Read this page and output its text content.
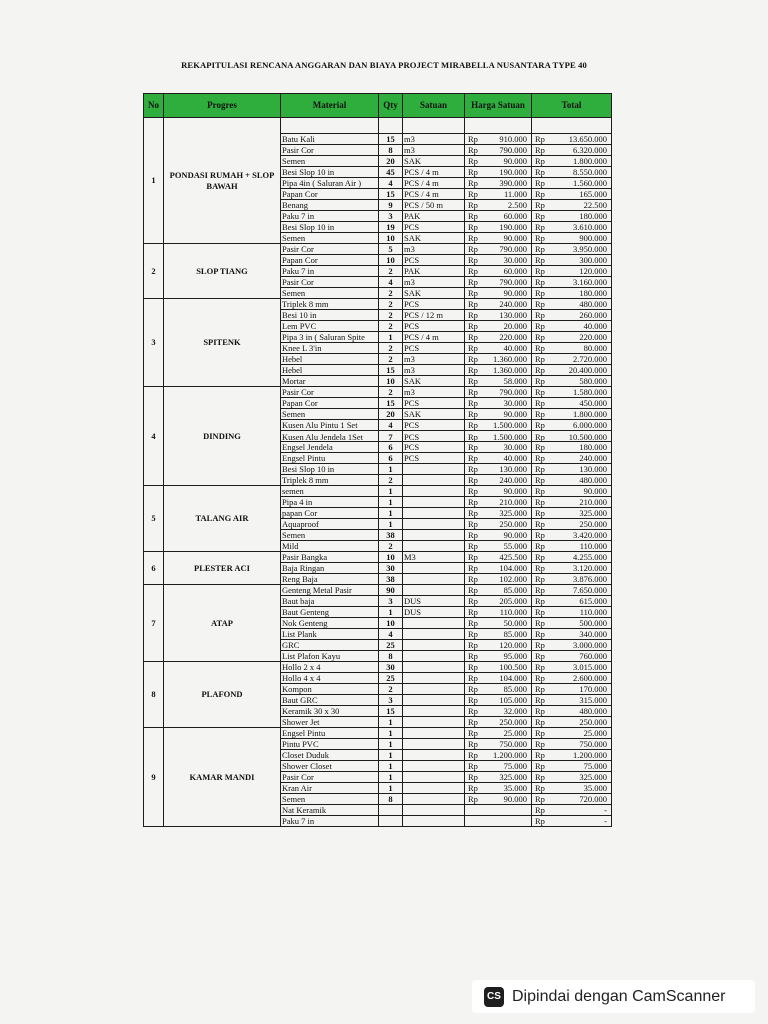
REKAPITULASI RENCANA ANGGARAN DAN BIAYA PROJECT MIRABELLA NUSANTARA TYPE 40
No	Progres	Material	Qty	Satuan	Harga Satuan	Total
1	PONDASI RUMAH + SLOP BAWAH					
		Batu Kali	15	m3	Rp 910.000	Rp 13.650.000

		Pasir Cor	8	m3	Rp 790.000	Rp 6.320.000

		Semen	20	SAK	Rp 90.000	Rp 1.800.000

		Besi Slop 10 in	45	PCS / 4 m	Rp 190.000	Rp 8.550.000

		Pipa 4in ( Saluran Air )	4	PCS / 4 m	Rp 390.000	Rp 1.560.000

		Papan Cor	15	PCS / 4 m	Rp 11.000	Rp 165.000

		Benang	9	PCS / 50 m	Rp 2.500	Rp 22.500

		Paku 7 in	3	PAK	Rp 60.000	Rp 180.000

		Besi Slop 10 in	19	PCS	Rp 190.000	Rp 3.610.000

		Semen	10	SAK	Rp 90.000	Rp 900.000

2	SLOP TIANG	Pasir Cor	5	m3	Rp 790.000	Rp 3.950.000

		Papan Cor	10	PCS	Rp 30.000	Rp 300.000

		Paku 7 in	2	PAK	Rp 60.000	Rp 120.000

		Pasir Cor	4	m3	Rp 790.000	Rp 3.160.000

		Semen	2	SAK	Rp 90.000	Rp 180.000

3	SPITENK	Triplek 8 mm	2	PCS	Rp 240.000	Rp 480.000

		Besi 10 in	2	PCS / 12 m	Rp 130.000	Rp 260.000

		Lem PVC	2	PCS	Rp 20.000	Rp 40.000

		Pipa 3 in ( Saluran Spite	1	PCS / 4 m	Rp 220.000	Rp 220.000

		Knee L 3'in	2	PCS	Rp 40.000	Rp 80.000

		Hebel	2	m3	Rp 1.360.000	Rp 2.720.000

		Hebel	15	m3	Rp 1.360.000	Rp 20.400.000

		Mortar	10	SAK	Rp 58.000	Rp 580.000

4	DINDING	Pasir Cor	2	m3	Rp 790.000	Rp 1.580.000

		Papan Cor	15	PCS	Rp 30.000	Rp 450.000

		Semen	20	SAK	Rp 90.000	Rp 1.800.000

		Kusen Alu Pintu 1 Set	4	PCS	Rp 1.500.000	Rp 6.000.000

		Kusen Alu Jendela 1Set	7	PCS	Rp 1.500.000	Rp 10.500.000

		Engsel Jendela	6	PCS	Rp 30.000	Rp 180.000

		Engsel Pintu	6	PCS	Rp 40.000	Rp 240.000

		Besi Slop 10 in	1		Rp 130.000	Rp 130.000

		Triplek 8 mm	2		Rp 240.000	Rp 480.000

5	TALANG AIR	semen	1		Rp 90.000	Rp 90.000

		Pipa 4 in	1		Rp 210.000	Rp 210.000

		papan Cor	1		Rp 325.000	Rp 325.000

		Aquaproof	1		Rp 250.000	Rp 250.000

		Semen	38		Rp 90.000	Rp 3.420.000

		Mild	2		Rp 55.000	Rp 110.000

6	PLESTER ACI	Pasir Bangka	10	M3	Rp 425.500	Rp 4.255.000

		Baja Ringan	30		Rp 104.000	Rp 3.120.000

		Reng Baja	38		Rp 102.000	Rp 3.876.000

7	ATAP	Genteng Metal Pasir	90		Rp 85.000	Rp 7.650.000

		Baut baja	3	DUS	Rp 205.000	Rp 615.000

		Baut Genteng	1	DUS	Rp 110.000	Rp 110.000

		Nok Genteng	10		Rp 50.000	Rp 500.000

		List Plank	4		Rp 85.000	Rp 340.000

		GRC	25		Rp 120.000	Rp 3.000.000

		List Plafon Kayu	8		Rp 95.000	Rp 760.000

8	PLAFOND	Hollo 2 x 4	30		Rp 100.500	Rp 3.015.000

		Hollo 4 x 4	25		Rp 104.000	Rp 2.600.000

		Kompon	2		Rp 85.000	Rp 170.000

		Baut GRC	3		Rp 105.000	Rp 315.000

		Keramik 30 x 30	15		Rp 32.000	Rp 480.000

		Shower Jet	1		Rp 250.000	Rp 250.000

9	KAMAR MANDI	Engsel Pintu	1		Rp 25.000	Rp 25.000

		Pintu PVC	1		Rp 750.000	Rp 750.000

		Closet Duduk	1		Rp 1.200.000	Rp 1.200.000

		Shower Closet	1		Rp 75.000	Rp 75.000

		Pasir Cor	1		Rp 325.000	Rp 325.000

		Kran Air	1		Rp 35.000	Rp 35.000

		Semen	8		Rp 90.000	Rp 720.000

		Nat Keramik				Rp -

		Paku 7 in				Rp -
CS Dipindai dengan CamScanner
